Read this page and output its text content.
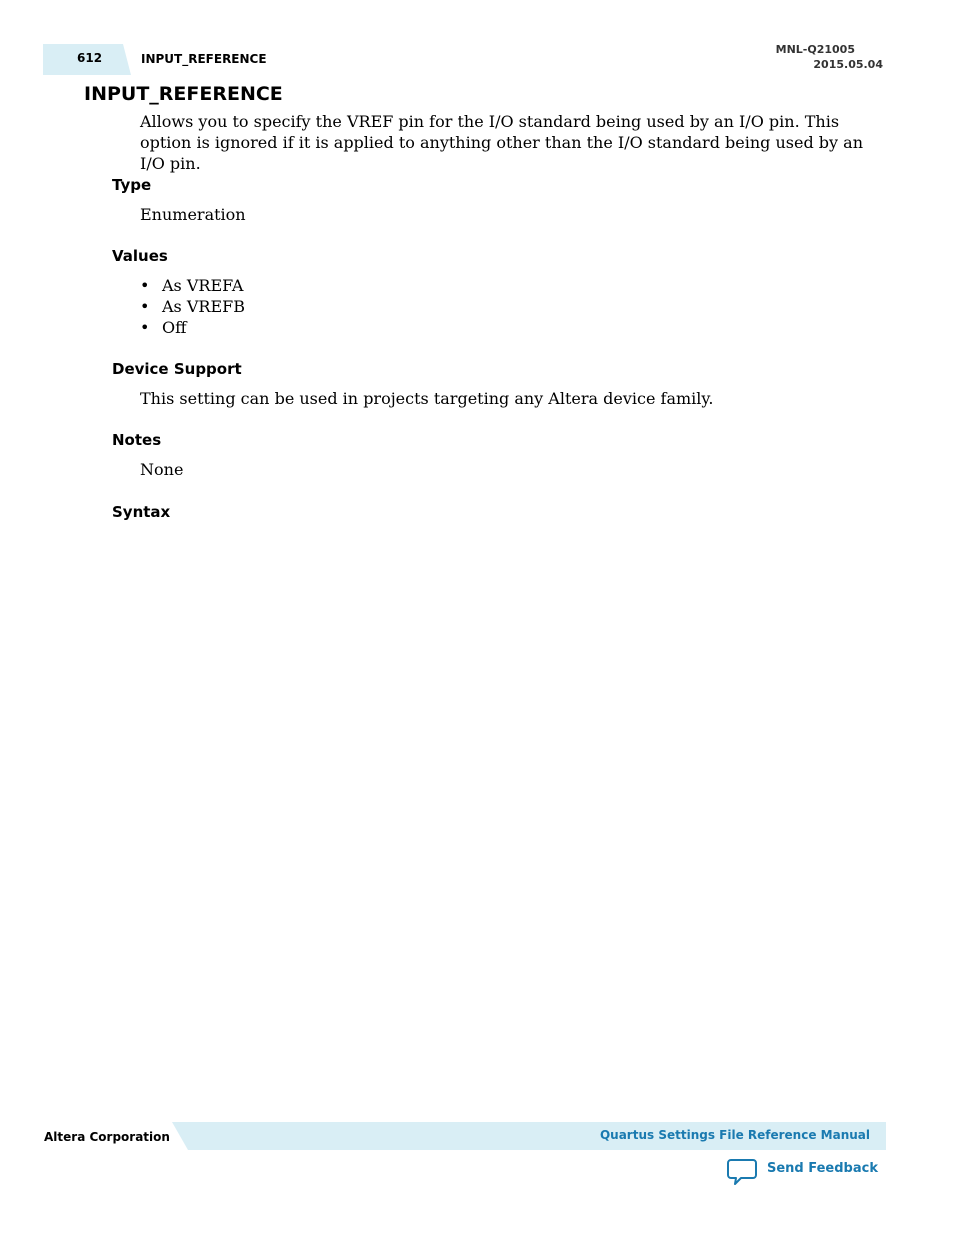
612	INPUT_REFERENCE
MNL-Q21005
2015.05.04
INPUT_REFERENCE

Allows you to specify the VREF pin for the I/O standard being used by an I/O pin. This option is ignored if it is applied to anything other than the I/O standard being used by an I/O pin.

Type

Enumeration

Values
• As VREFA
• As VREFB
• Off
Device Support

This setting can be used in projects targeting any Altera device family.

Notes

None

Syntax
Altera Corporation	Quartus Settings File Reference Manual
Send Feedback
